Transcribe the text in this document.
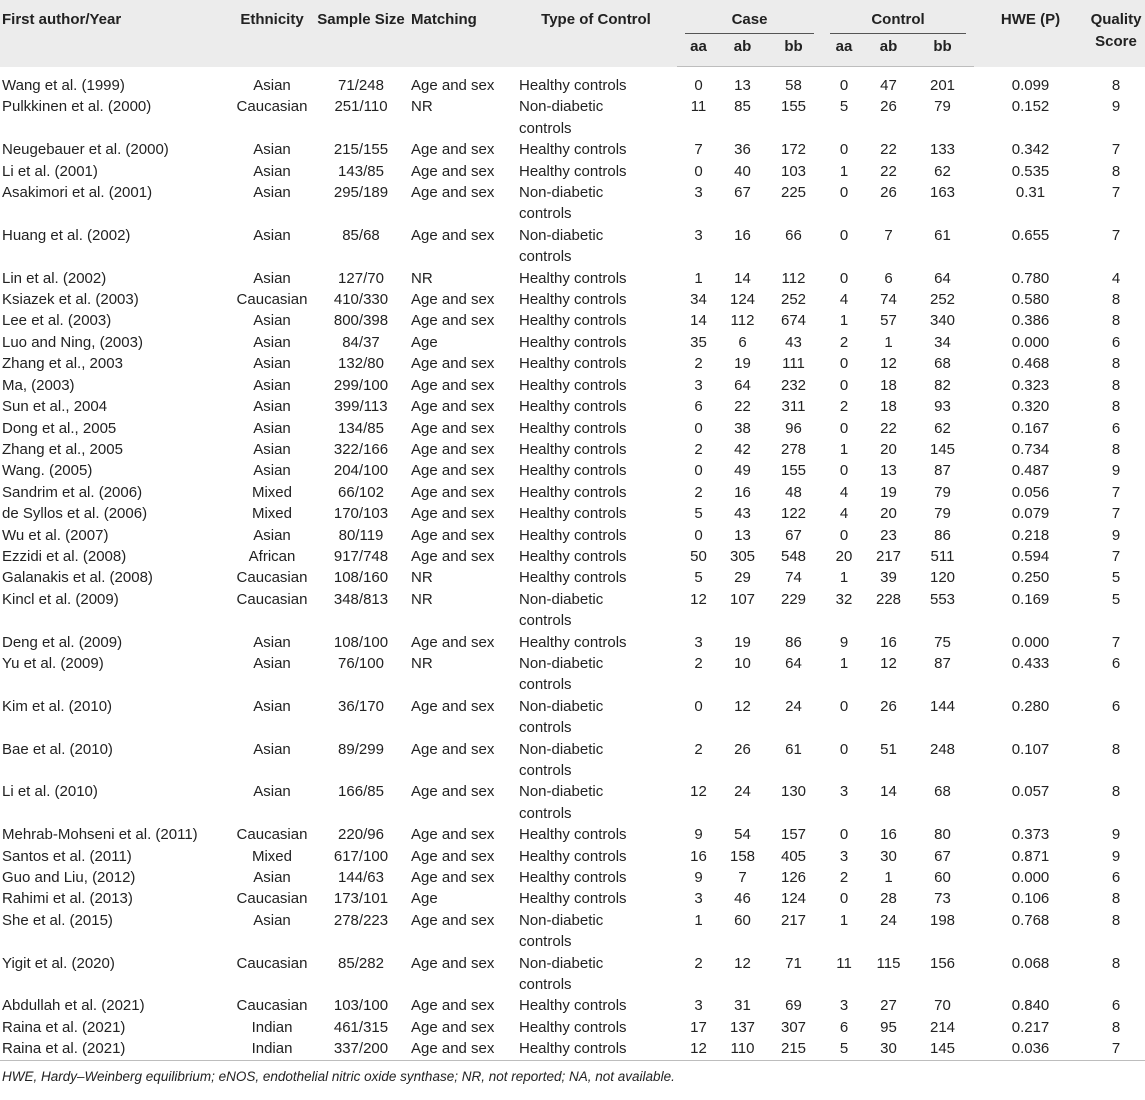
First author/Year	Ethnicity	Sample Size	Matching	Type of Control	Case			Control			HWE (P)	Quality Score
					aa	ab	bb	aa	ab	bb		
Wang et al. (1999)	Asian	71/248	Age and sex	Healthy controls	0	13	58	0	47	201	0.099	8
Pulkkinen et al. (2000)	Caucasian	251/110	NR	Non-diabetic
controls	11	85	155	5	26	79	0.152	9
Neugebauer et al. (2000)	Asian	215/155	Age and sex	Healthy controls	7	36	172	0	22	133	0.342	7
Li et al. (2001)	Asian	143/85	Age and sex	Healthy controls	0	40	103	1	22	62	0.535	8
Asakimori et al. (2001)	Asian	295/189	Age and sex	Non-diabetic
controls	3	67	225	0	26	163	0.31	7
Huang et al. (2002)	Asian	85/68	Age and sex	Non-diabetic
controls	3	16	66	0	7	61	0.655	7
Lin et al. (2002)	Asian	127/70	NR	Healthy controls	1	14	112	0	6	64	0.780	4
Ksiazek et al. (2003)	Caucasian	410/330	Age and sex	Healthy controls	34	124	252	4	74	252	0.580	8
Lee et al. (2003)	Asian	800/398	Age and sex	Healthy controls	14	112	674	1	57	340	0.386	8
Luo and Ning, (2003)	Asian	84/37	Age	Healthy controls	35	6	43	2	1	34	0.000	6
Zhang et al., 2003	Asian	132/80	Age and sex	Healthy controls	2	19	111	0	12	68	0.468	8
Ma, (2003)	Asian	299/100	Age and sex	Healthy controls	3	64	232	0	18	82	0.323	8
Sun et al., 2004	Asian	399/113	Age and sex	Healthy controls	6	22	311	2	18	93	0.320	8
Dong et al., 2005	Asian	134/85	Age and sex	Healthy controls	0	38	96	0	22	62	0.167	6
Zhang et al., 2005	Asian	322/166	Age and sex	Healthy controls	2	42	278	1	20	145	0.734	8
Wang. (2005)	Asian	204/100	Age and sex	Healthy controls	0	49	155	0	13	87	0.487	9
Sandrim et al. (2006)	Mixed	66/102	Age and sex	Healthy controls	2	16	48	4	19	79	0.056	7
de Syllos et al. (2006)	Mixed	170/103	Age and sex	Healthy controls	5	43	122	4	20	79	0.079	7
Wu et al. (2007)	Asian	80/119	Age and sex	Healthy controls	0	13	67	0	23	86	0.218	9
Ezzidi et al. (2008)	African	917/748	Age and sex	Healthy controls	50	305	548	20	217	511	0.594	7
Galanakis et al. (2008)	Caucasian	108/160	NR	Healthy controls	5	29	74	1	39	120	0.250	5
Kincl et al. (2009)	Caucasian	348/813	NR	Non-diabetic
controls	12	107	229	32	228	553	0.169	5
Deng et al. (2009)	Asian	108/100	Age and sex	Healthy controls	3	19	86	9	16	75	0.000	7
Yu et al. (2009)	Asian	76/100	NR	Non-diabetic
controls	2	10	64	1	12	87	0.433	6
Kim et al. (2010)	Asian	36/170	Age and sex	Non-diabetic
controls	0	12	24	0	26	144	0.280	6
Bae et al. (2010)	Asian	89/299	Age and sex	Non-diabetic
controls	2	26	61	0	51	248	0.107	8
Li et al. (2010)	Asian	166/85	Age and sex	Non-diabetic
controls	12	24	130	3	14	68	0.057	8
Mehrab-Mohseni et al. (2011)	Caucasian	220/96	Age and sex	Healthy controls	9	54	157	0	16	80	0.373	9
Santos et al. (2011)	Mixed	617/100	Age and sex	Healthy controls	16	158	405	3	30	67	0.871	9
Guo and Liu, (2012)	Asian	144/63	Age and sex	Healthy controls	9	7	126	2	1	60	0.000	6
Rahimi et al. (2013)	Caucasian	173/101	Age	Healthy controls	3	46	124	0	28	73	0.106	8
She et al. (2015)	Asian	278/223	Age and sex	Non-diabetic
controls	1	60	217	1	24	198	0.768	8
Yigit et al. (2020)	Caucasian	85/282	Age and sex	Non-diabetic
controls	2	12	71	11	115	156	0.068	8
Abdullah et al. (2021)	Caucasian	103/100	Age and sex	Healthy controls	3	31	69	3	27	70	0.840	6
Raina et al. (2021)	Indian	461/315	Age and sex	Healthy controls	17	137	307	6	95	214	0.217	8
Raina et al. (2021)	Indian	337/200	Age and sex	Healthy controls	12	110	215	5	30	145	0.036	7
HWE, Hardy–Weinberg equilibrium; eNOS, endothelial nitric oxide synthase; NR, not reported; NA, not available.												
